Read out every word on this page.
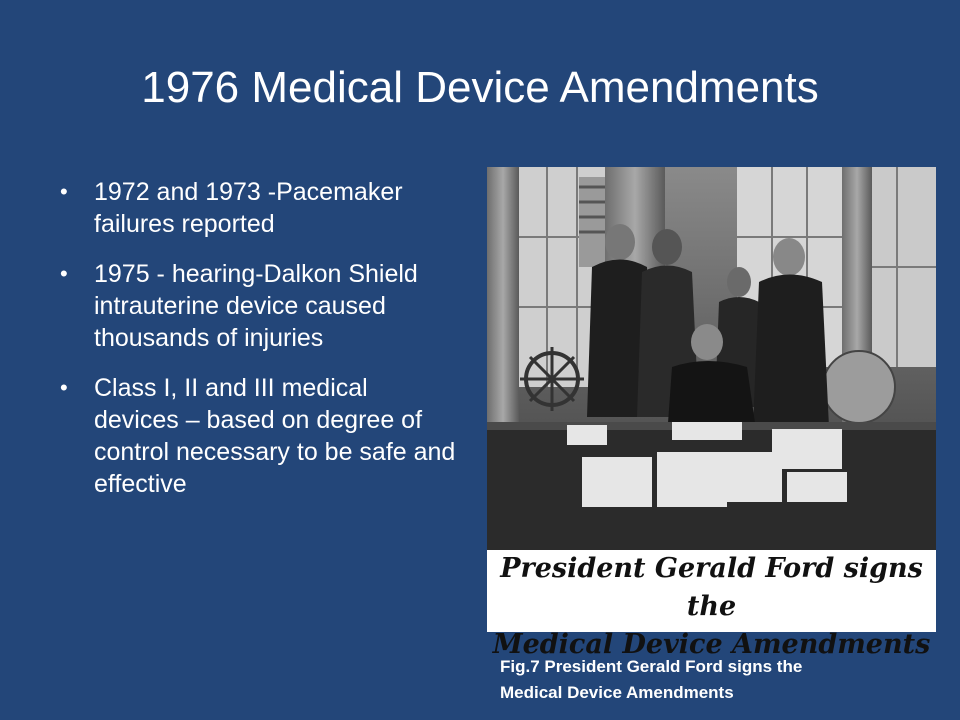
1976 Medical Device Amendments
• 1972 and 1973 -Pacemaker failures reported
• 1975 - hearing-Dalkon Shield intrauterine device caused thousands of injuries
• Class I, II and III medical devices – based on degree of control necessary to be safe and effective
President Gerald Ford signs the
Medical Device Amendments
Fig.7 President Gerald Ford signs the
Medical Device Amendments
